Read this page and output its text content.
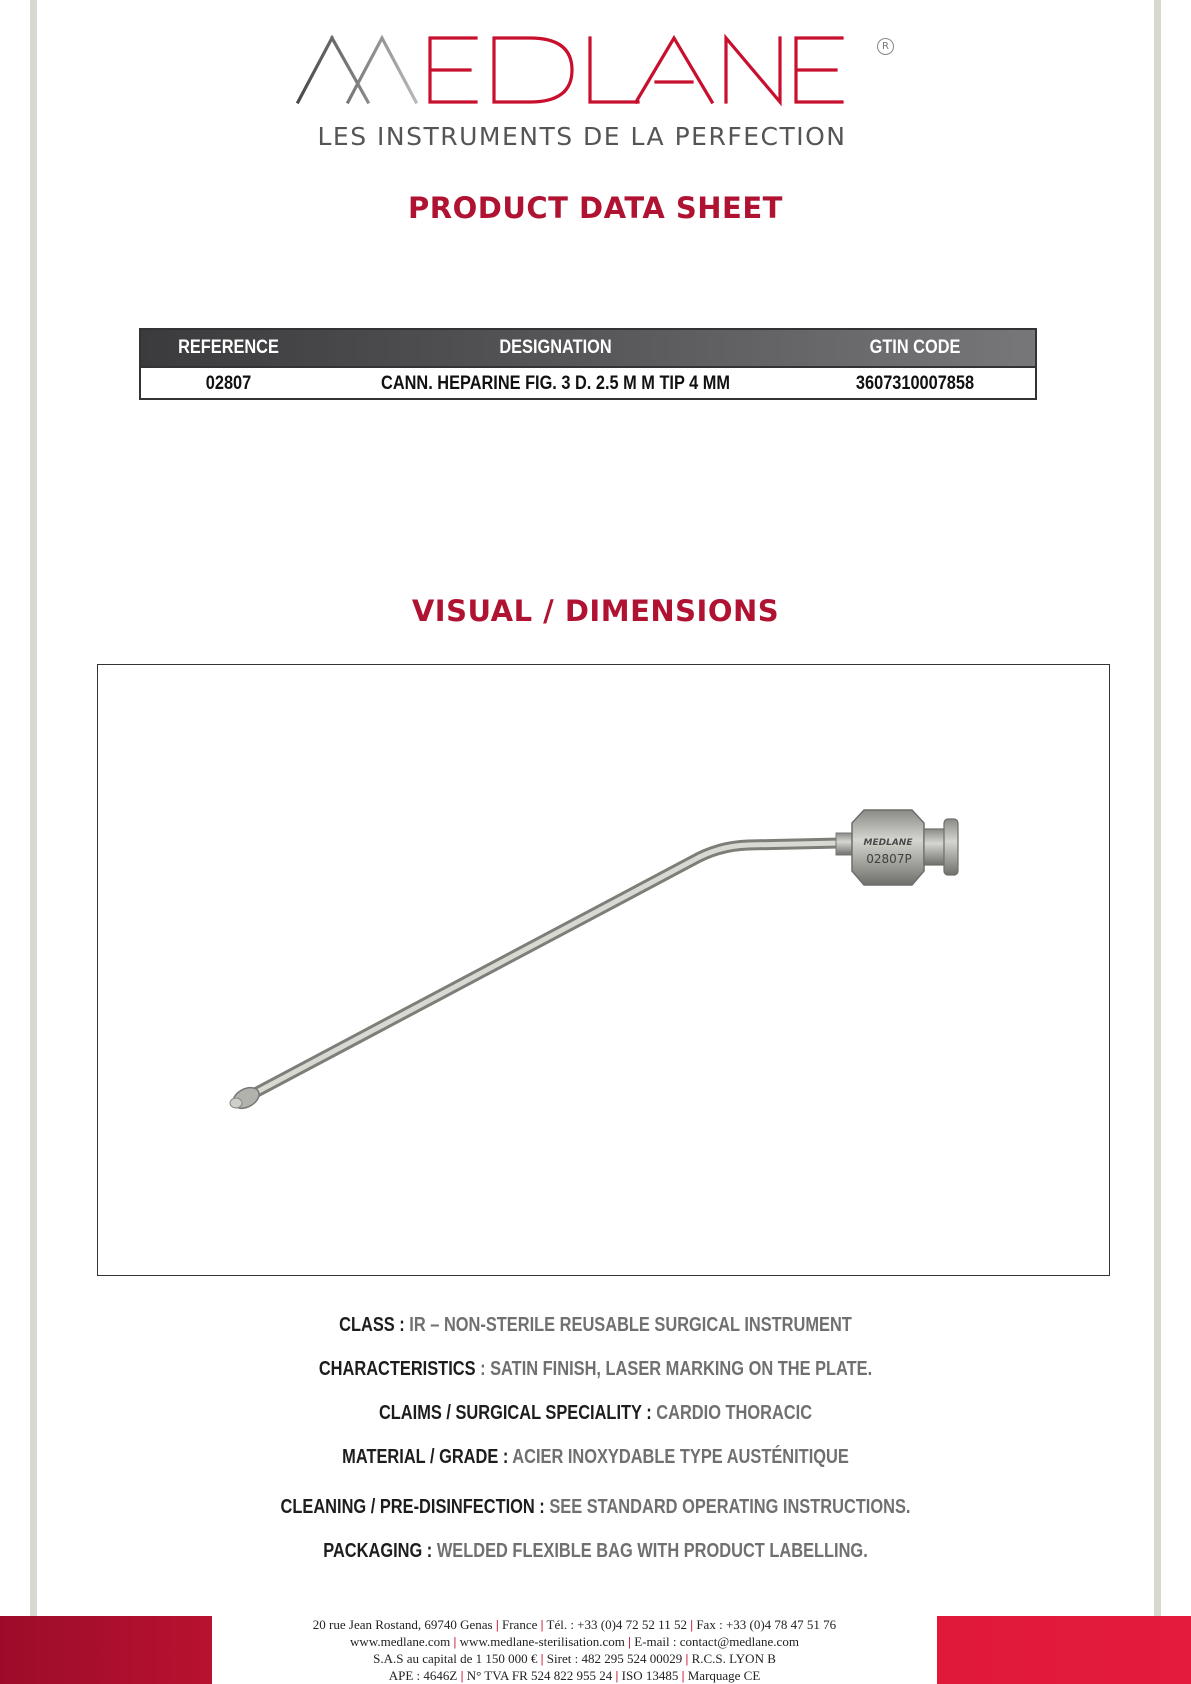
LES INSTRUMENTS DE LA PERFECTION
R
PRODUCT DATA SHEET
REFERENCE	DESIGNATION	GTIN CODE
02807	CANN. HEPARINE FIG. 3 D. 2.5 M M TIP 4 MM	3607310007858
VISUAL / DIMENSIONS
MEDLANE
02807P
CLASS : IR – NON-STERILE REUSABLE SURGICAL INSTRUMENT
CHARACTERISTICS : SATIN FINISH, LASER MARKING ON THE PLATE.
CLAIMS / SURGICAL SPECIALITY : CARDIO THORACIC
MATERIAL / GRADE : ACIER INOXYDABLE TYPE AUSTÉNITIQUE
CLEANING / PRE-DISINFECTION : SEE STANDARD OPERATING INSTRUCTIONS.
PACKAGING : WELDED FLEXIBLE BAG WITH PRODUCT LABELLING.
20 rue Jean Rostand, 69740 Genas | France | Tél. : +33 (0)4 72 52 11 52 | Fax : +33 (0)4 78 47 51 76
www.medlane.com | www.medlane-sterilisation.com | E-mail : contact@medlane.com
S.A.S au capital de 1 150 000 € | Siret : 482 295 524 00029 | R.C.S. LYON B
APE : 4646Z | N° TVA FR 524 822 955 24 | ISO 13485 | Marquage CE
